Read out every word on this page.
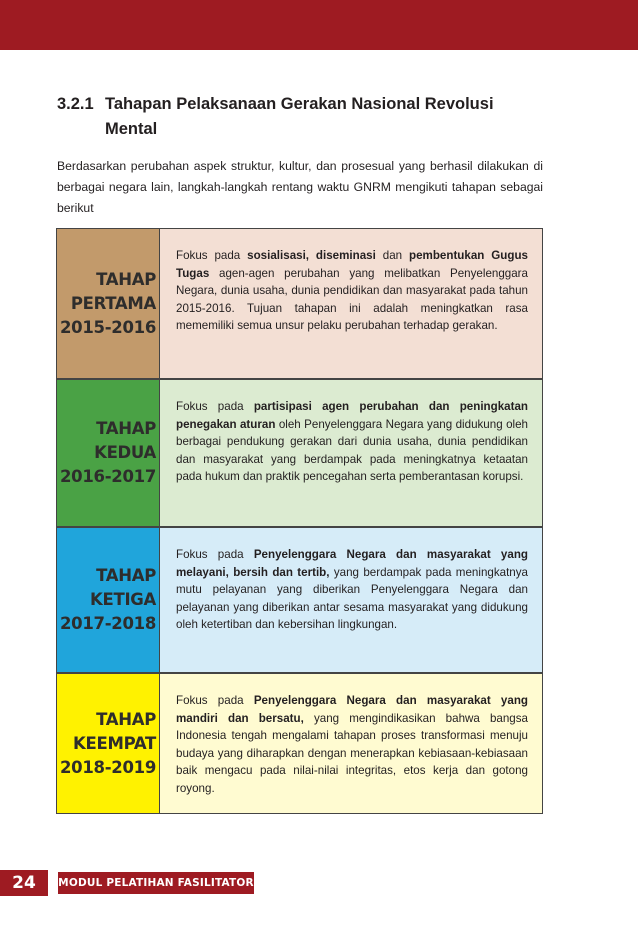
3.2.1 Tahapan Pelaksanaan Gerakan Nasional Revolusi Mental

Berdasarkan perubahan aspek struktur, kultur, dan prosesual yang berhasil dilakukan di berbagai negara lain, langkah-langkah rentang waktu GNRM mengikuti tahapan sebagai berikut

TAHAP
PERTAMA
2015-2016
Fokus pada sosialisasi, diseminasi dan pembentukan Gugus Tugas agen-agen perubahan yang melibatkan Penyelenggara Negara, dunia usaha, dunia pendidikan dan masyarakat pada tahun 2015-2016. Tujuan tahapan ini adalah meningkatkan rasa mememiliki semua unsur pelaku perubahan terhadap gerakan.
TAHAP
KEDUA
2016-2017
Fokus pada partisipasi agen perubahan dan peningkatan penegakan aturan oleh Penyelenggara Negara yang didukung oleh berbagai pendukung gerakan dari dunia usaha, dunia pendidikan dan masyarakat yang berdampak pada meningkatnya ketaatan pada hukum dan praktik pencegahan serta pemberantasan korupsi.
TAHAP
KETIGA
2017-2018
Fokus pada Penyelenggara Negara dan masyarakat yang melayani, bersih dan tertib, yang berdampak pada meningkatnya mutu pelayanan yang diberikan Penyelenggara Negara dan pelayanan yang diberikan antar sesama masyarakat yang didukung oleh ketertiban dan kebersihan lingkungan.
TAHAP
KEEMPAT
2018-2019
Fokus pada Penyelenggara Negara dan masyarakat yang mandiri dan bersatu, yang mengindikasikan bahwa bangsa Indonesia tengah mengalami tahapan proses transformasi menuju budaya yang diharapkan dengan menerapkan kebiasaan-kebiasaan baik mengacu pada nilai-nilai integritas, etos kerja dan gotong royong.
24	MODUL PELATIHAN FASILITATOR GNRM
